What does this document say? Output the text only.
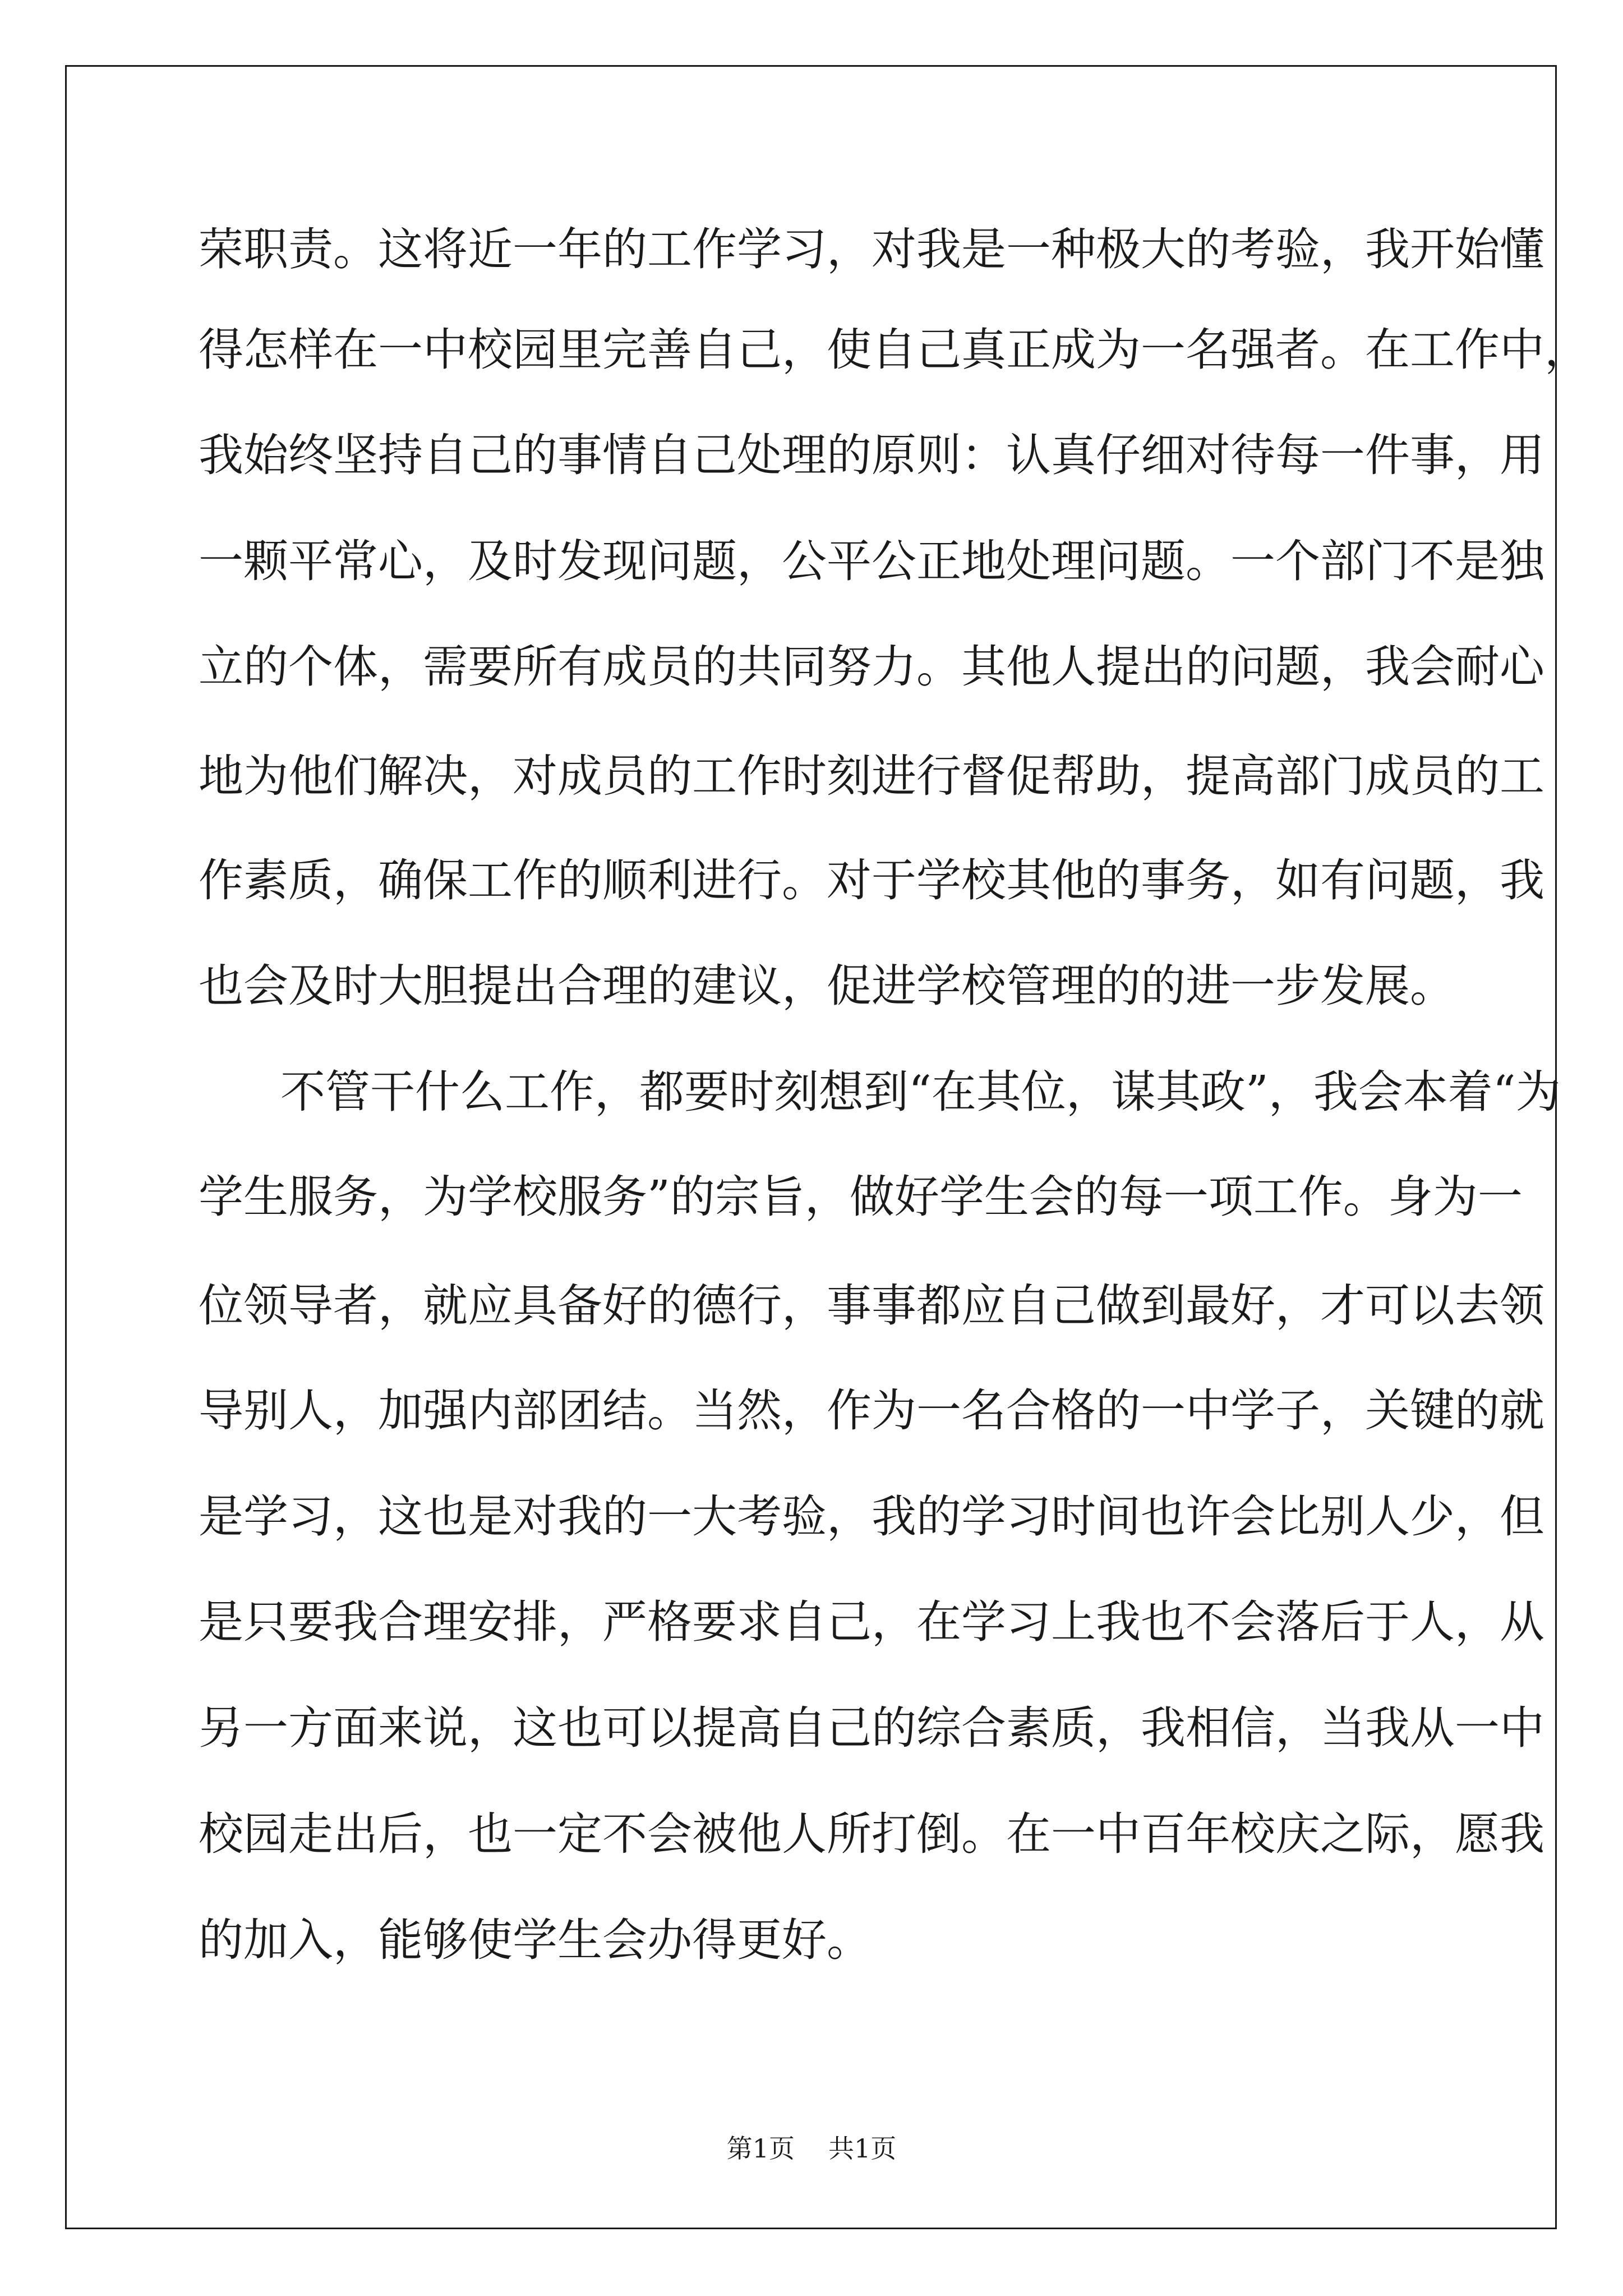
荣职责。这将近一年的工作学习，对我是一种极大的考验，我开始懂

得怎样在一中校园里完善自己，使自己真正成为一名强者。在工作中，

我始终坚持自己的事情自己处理的原则：认真仔细对待每一件事，用

一颗平常心，及时发现问题，公平公正地处理问题。一个部门不是独

立的个体，需要所有成员的共同努力。其他人提出的问题，我会耐心

地为他们解决，对成员的工作时刻进行督促帮助，提高部门成员的工

作素质，确保工作的顺利进行。对于学校其他的事务，如有问题，我

也会及时大胆提出合理的建议，促进学校管理的的进一步发展。

不管干什么工作，都要时刻想到“在其位，谋其政”，我会本着“为

学生服务，为学校服务”的宗旨，做好学生会的每一项工作。身为一

位领导者，就应具备好的德行，事事都应自己做到最好，才可以去领

导别人，加强内部团结。当然，作为一名合格的一中学子，关键的就

是学习，这也是对我的一大考验，我的学习时间也许会比别人少，但

是只要我合理安排，严格要求自己，在学习上我也不会落后于人，从

另一方面来说，这也可以提高自己的综合素质，我相信，当我从一中

校园走出后，也一定不会被他人所打倒。在一中百年校庆之际，愿我

的加入，能够使学生会办得更好。

第1页 共1页
